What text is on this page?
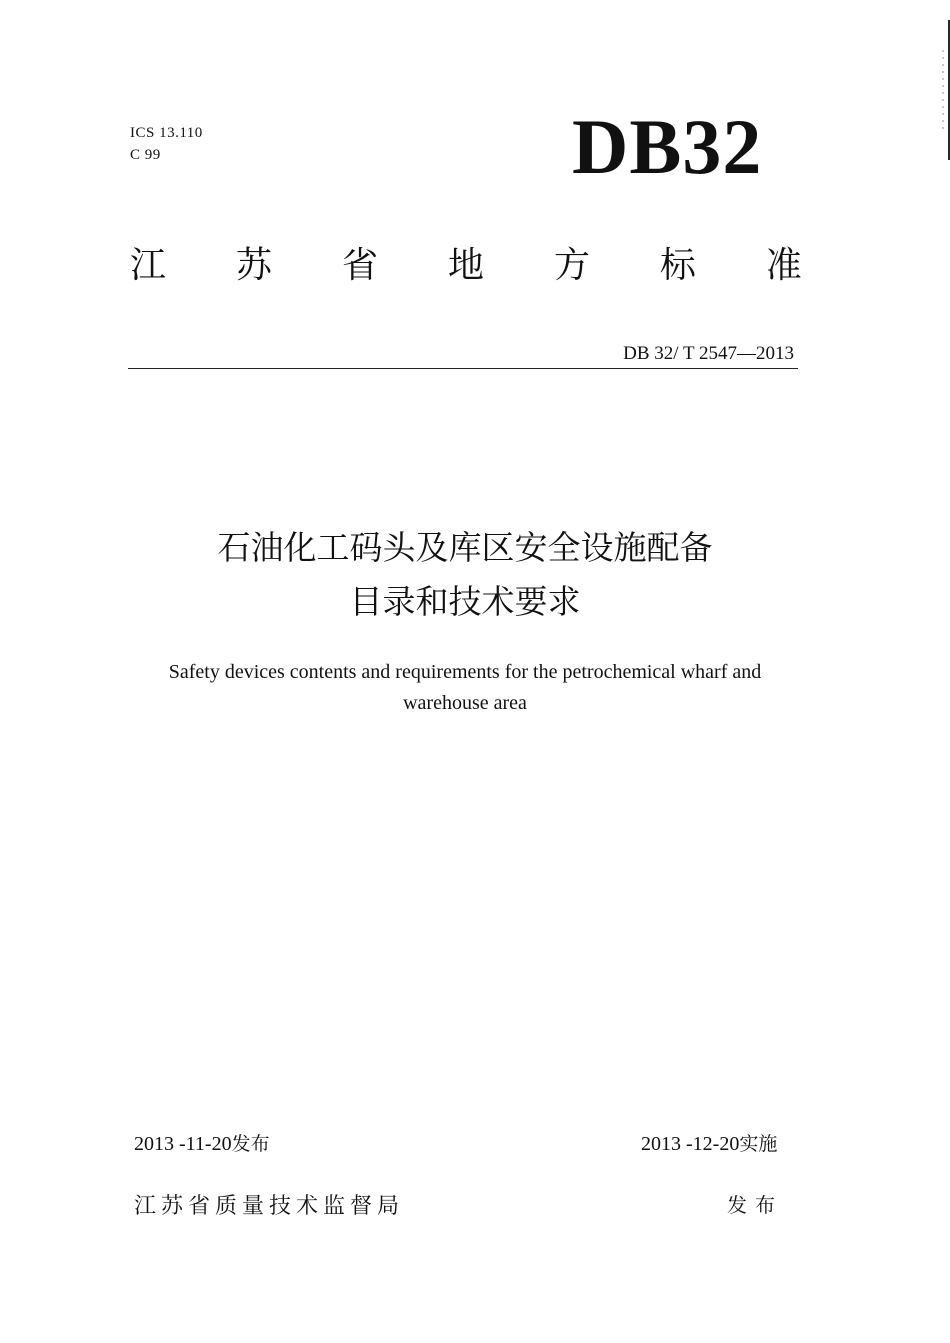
ICS 13.110
C 99	DB32
江 苏 省 地 方 标 准
DB 32/ T 2547—2013
石油化工码头及库区安全设施配备
目录和技术要求
Safety devices contents and requirements for the petrochemical wharf and
warehouse area
2013 -11-20发布	2013 -12-20实施
江苏省质量技术监督局	发布
